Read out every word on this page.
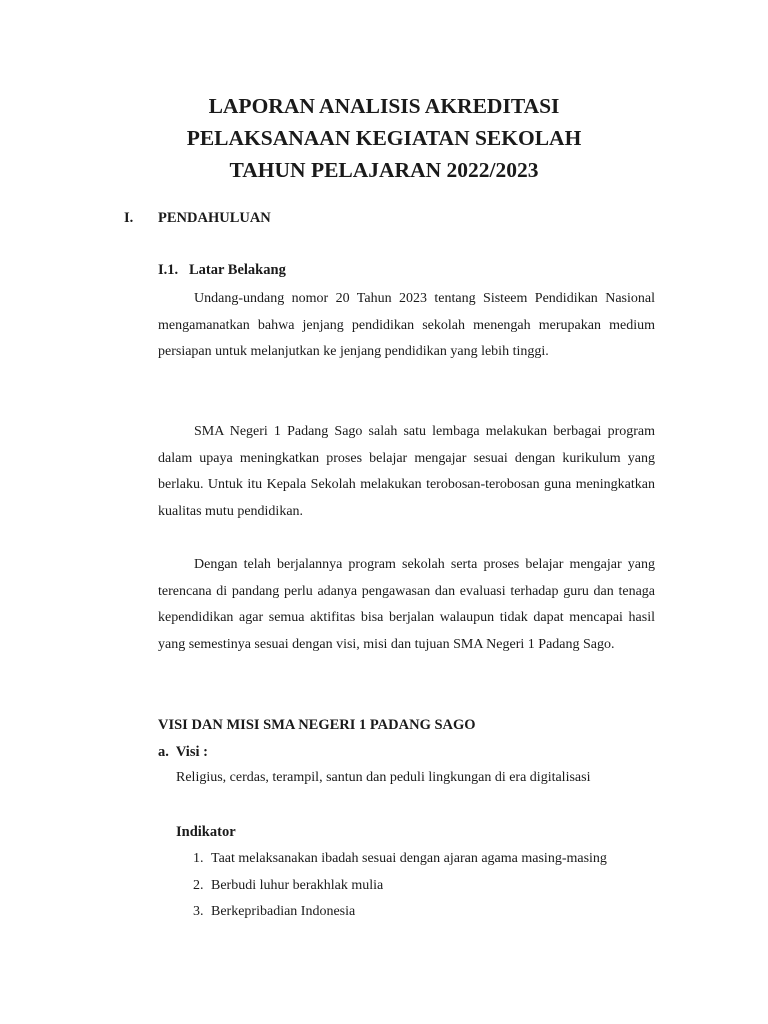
LAPORAN ANALISIS AKREDITASI
PELAKSANAAN KEGIATAN SEKOLAH
TAHUN PELAJARAN 2022/2023
I. PENDAHULUAN
I.1. Latar Belakang
Undang-undang nomor 20 Tahun 2023 tentang Sisteem Pendidikan Nasional mengamanatkan bahwa jenjang pendidikan sekolah menengah merupakan medium persiapan untuk melanjutkan ke jenjang pendidikan yang lebih tinggi.
SMA Negeri 1 Padang Sago salah satu lembaga melakukan berbagai program dalam upaya meningkatkan proses belajar mengajar sesuai dengan kurikulum yang berlaku. Untuk itu Kepala Sekolah melakukan terobosan-terobosan guna meningkatkan kualitas mutu pendidikan.
Dengan telah berjalannya program sekolah serta proses belajar mengajar yang terencana di pandang perlu adanya pengawasan dan evaluasi terhadap guru dan tenaga kependidikan agar semua aktifitas bisa berjalan walaupun tidak dapat mencapai hasil yang semestinya sesuai dengan visi, misi dan tujuan SMA Negeri 1 Padang Sago.
VISI DAN MISI SMA NEGERI 1 PADANG SAGO
a.  Visi :
Religius, cerdas, terampil, santun dan peduli lingkungan di era digitalisasi
Indikator
1. Taat melaksanakan ibadah sesuai dengan ajaran agama masing-masing
2. Berbudi luhur berakhlak mulia
3. Berkepribadian Indonesia
